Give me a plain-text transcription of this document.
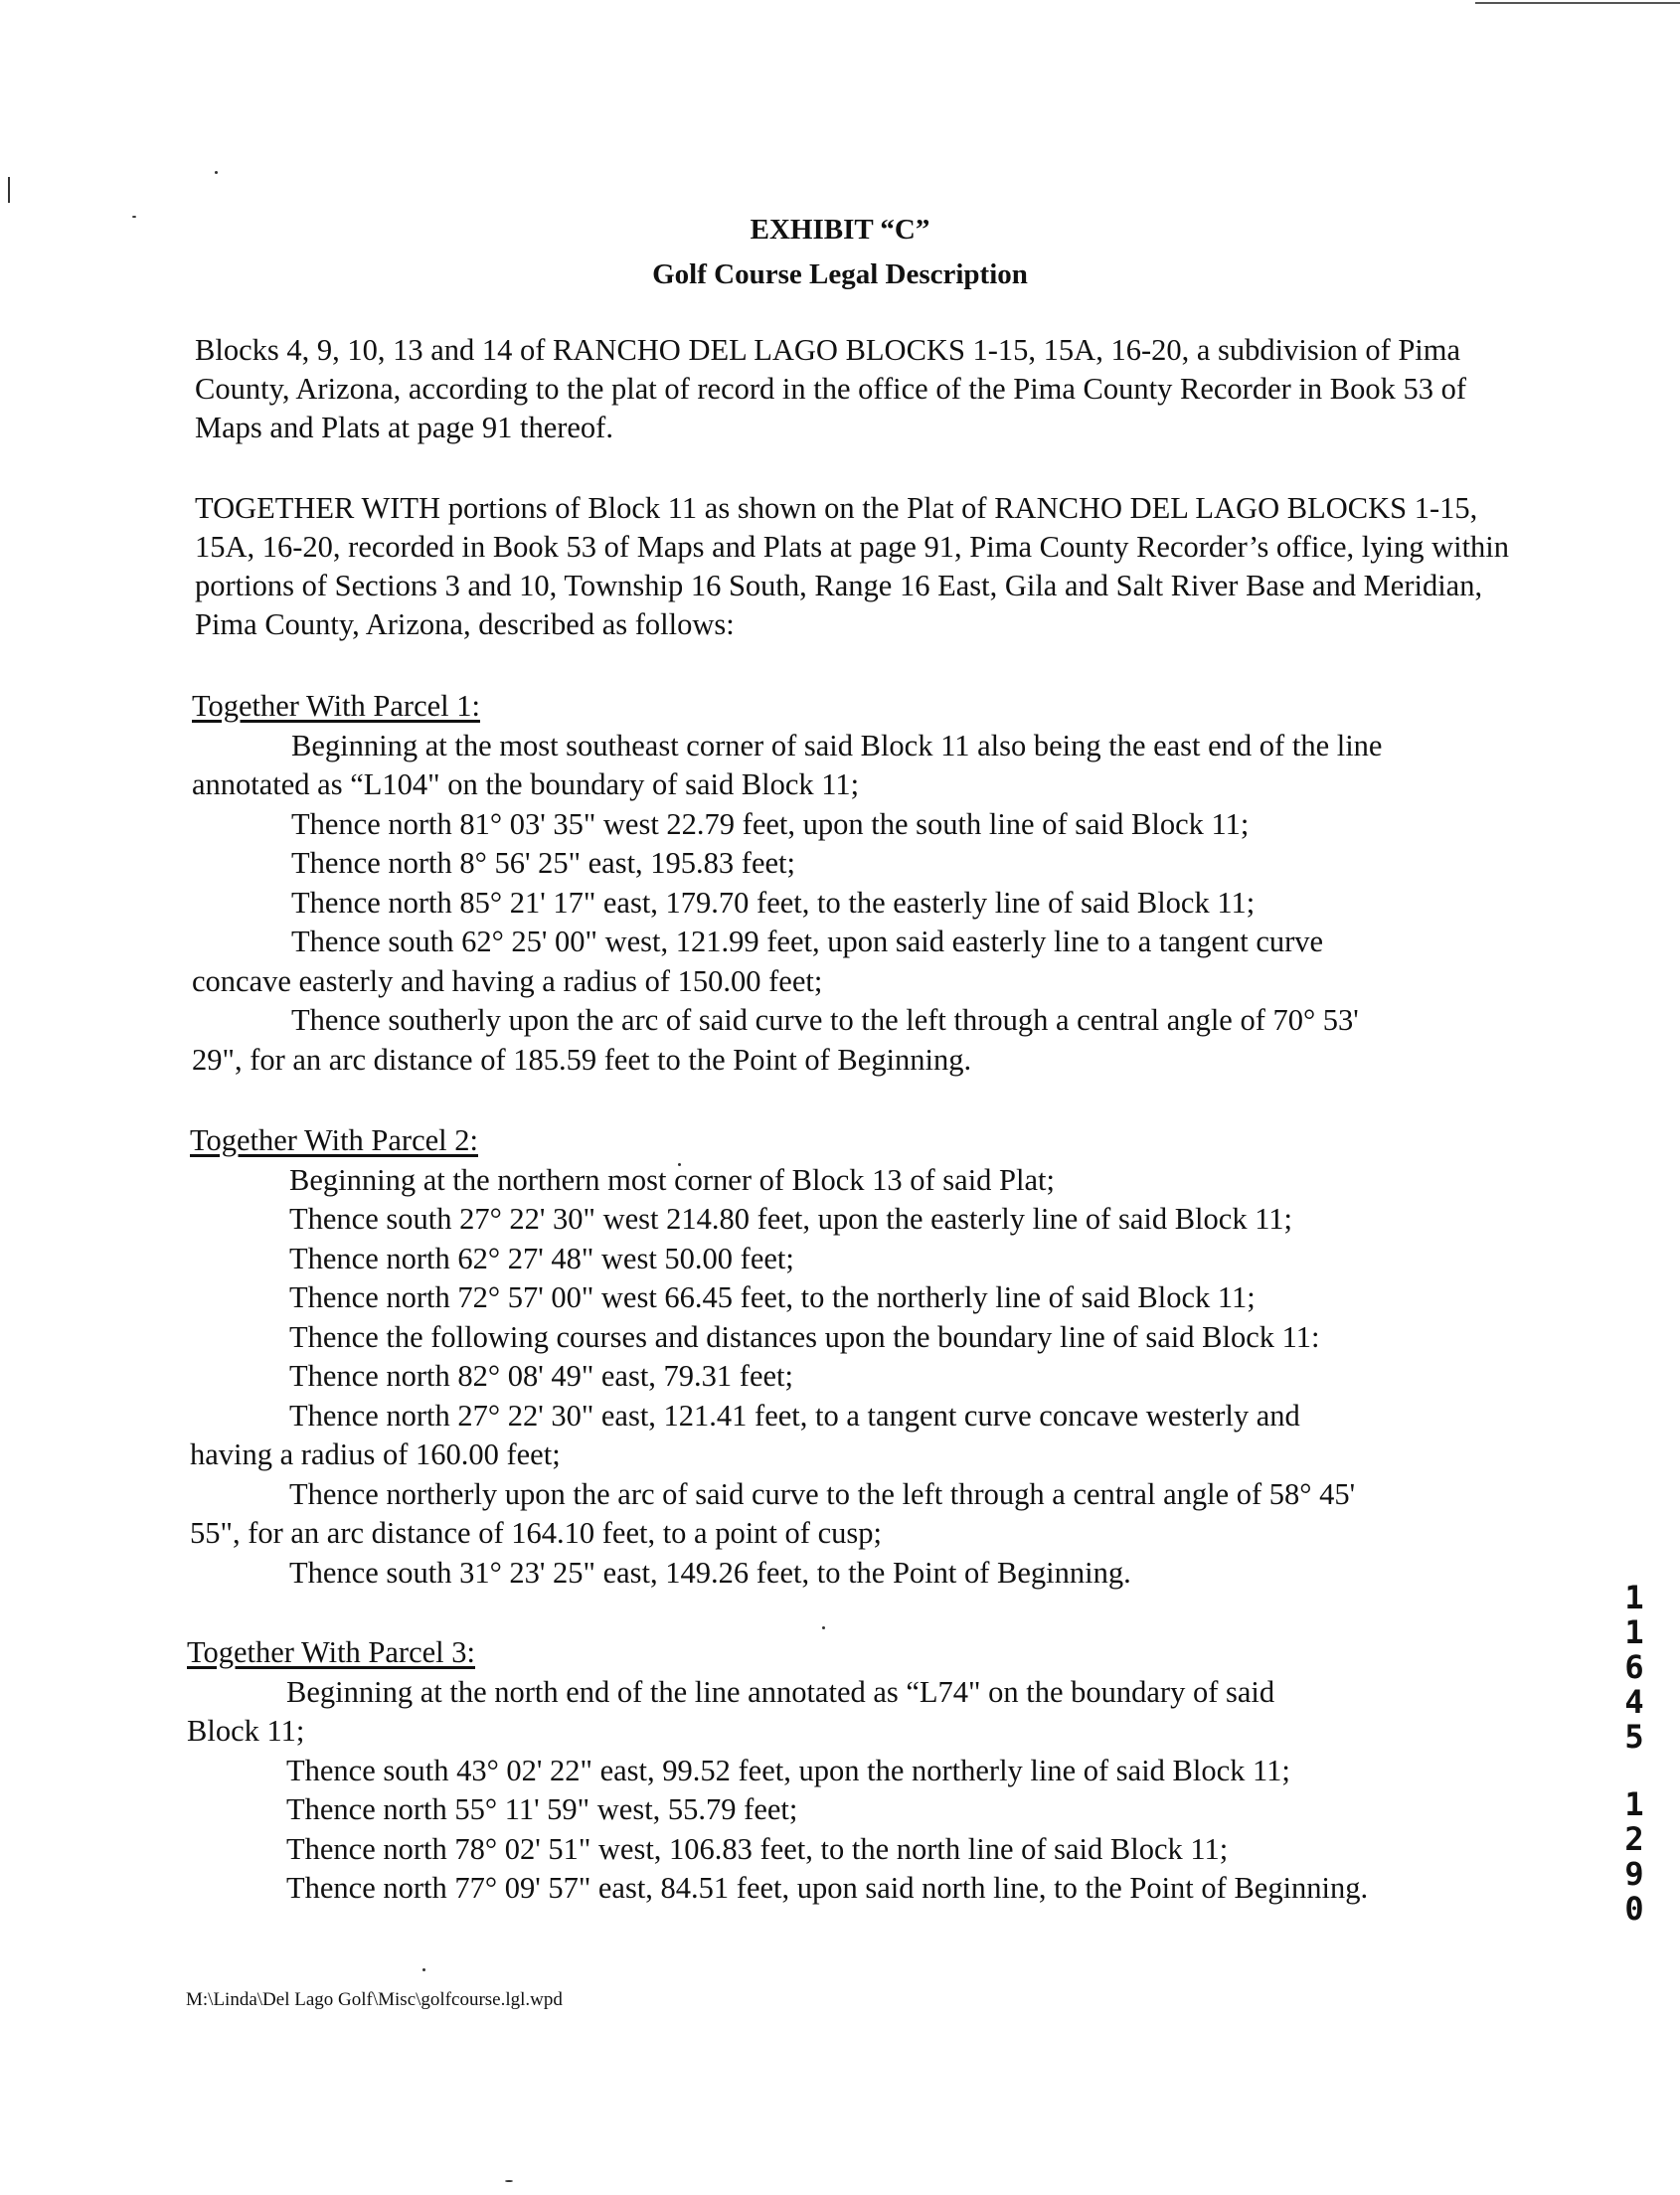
EXHIBIT “C”
Golf Course Legal Description
Blocks 4, 9, 10, 13 and 14 of RANCHO DEL LAGO BLOCKS 1-15, 15A, 16-20, a subdivision of Pima County, Arizona, according to the plat of record in the office of the Pima County Recorder in Book 53 of Maps and Plats at page 91 thereof.
TOGETHER WITH portions of Block 11 as shown on the Plat of RANCHO DEL LAGO BLOCKS 1-15, 15A, 16-20, recorded in Book 53 of Maps and Plats at page 91, Pima County Recorder’s office, lying within portions of Sections 3 and 10, Township 16 South, Range 16 East, Gila and Salt River Base and Meridian, Pima County, Arizona, described as follows:
Together With Parcel 1:
Beginning at the most southeast corner of said Block 11 also being the east end of the line
annotated as “L104" on the boundary of said Block 11;
Thence north 81° 03' 35" west 22.79 feet, upon the south line of said Block 11;
Thence north 8° 56' 25" east, 195.83 feet;
Thence north 85° 21' 17" east, 179.70 feet, to the easterly line of said Block 11;
Thence south 62° 25' 00" west, 121.99 feet, upon said easterly line to a tangent curve
concave easterly and having a radius of 150.00 feet;
Thence southerly upon the arc of said curve to the left through a central angle of 70° 53'
29", for an arc distance of 185.59 feet to the Point of Beginning.
Together With Parcel 2:
Beginning at the northern most corner of Block 13 of said Plat;
Thence south 27° 22' 30" west 214.80 feet, upon the easterly line of said Block 11;
Thence north 62° 27' 48" west 50.00 feet;
Thence north 72° 57' 00" west 66.45 feet, to the northerly line of said Block 11;
Thence the following courses and distances upon the boundary line of said Block 11:
Thence north 82° 08' 49" east, 79.31 feet;
Thence north 27° 22' 30" east, 121.41 feet, to a tangent curve concave westerly and
having a radius of 160.00 feet;
Thence northerly upon the arc of said curve to the left through a central angle of 58° 45'
55", for an arc distance of 164.10 feet, to a point of cusp;
Thence south 31° 23' 25" east, 149.26 feet, to the Point of Beginning.
Together With Parcel 3:
Beginning at the north end of the line annotated as “L74" on the boundary of said
Block 11;
Thence south 43° 02' 22" east, 99.52 feet, upon the northerly line of said Block 11;
Thence north 55° 11' 59" west, 55.79 feet;
Thence north 78° 02' 51" west, 106.83 feet, to the north line of said Block 11;
Thence north 77° 09' 57" east, 84.51 feet, upon said north line, to the Point of Beginning.
M:\Linda\Del Lago Golf\Misc\golfcourse.lgl.wpd
1
1
6
4
5
1
2
9
0
